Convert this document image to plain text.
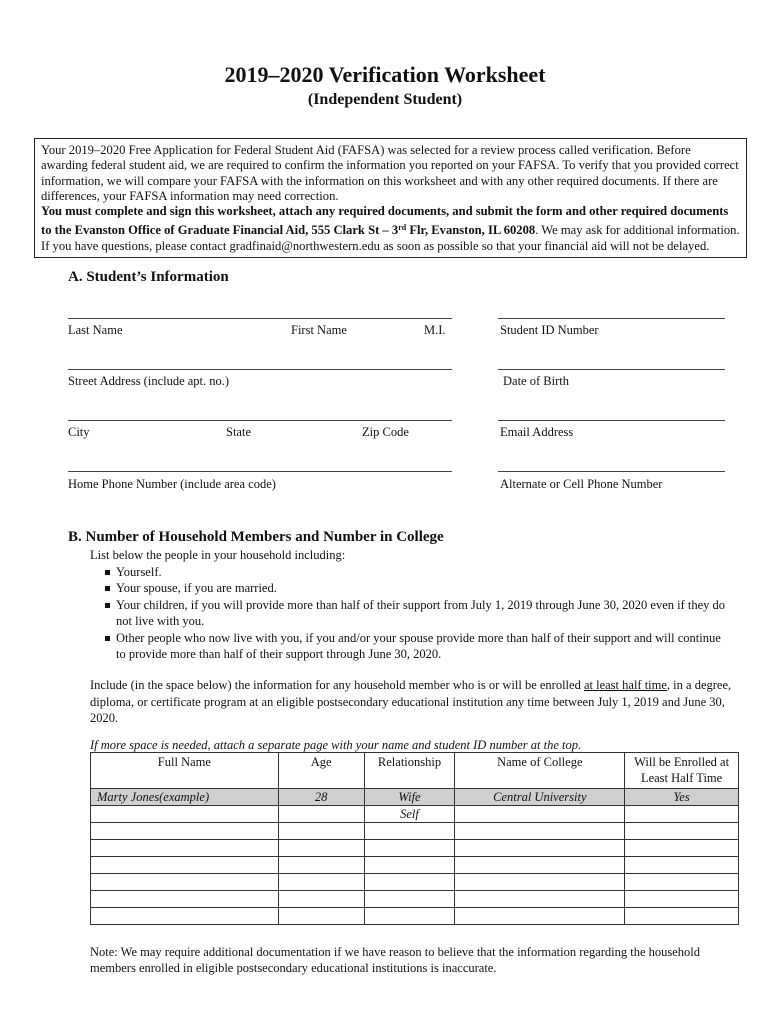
2019–2020 Verification Worksheet
(Independent Student)
Your 2019–2020 Free Application for Federal Student Aid (FAFSA) was selected for a review process called verification. Before awarding federal student aid, we are required to confirm the information you reported on your FAFSA. To verify that you provided correct information, we will compare your FAFSA with the information on this worksheet and with any other required documents. If there are differences, your FAFSA information may need correction.
You must complete and sign this worksheet, attach any required documents, and submit the form and other required documents to the Evanston Office of Graduate Financial Aid, 555 Clark St – 3rd Flr, Evanston, IL 60208. We may ask for additional information. If you have questions, please contact gradfinaid@northwestern.edu as soon as possible so that your financial aid will not be delayed.
A. Student’s Information
Last Name	First Name	M.I.	Student ID Number
Street Address (include apt. no.)	Date of Birth
City	State	Zip Code	Email Address
Home Phone Number (include area code)	Alternate or Cell Phone Number
B. Number of Household Members and Number in College
List below the people in your household including:
Yourself.
Your spouse, if you are married.
Your children, if you will provide more than half of their support from July 1, 2019 through June 30, 2020 even if they do not live with you.
Other people who now live with you, if you and/or your spouse provide more than half of their support and will continue to provide more than half of their support through June 30, 2020.
Include (in the space below) the information for any household member who is or will be enrolled at least half time, in a degree, diploma, or certificate program at an eligible postsecondary educational institution any time between July 1, 2019 and June 30, 2020.
If more space is needed, attach a separate page with your name and student ID number at the top.
Full Name	Age	Relationship	Name of College	Will be Enrolled at Least Half Time
Marty Jones(example)	28	Wife	Central University	Yes
		Self		

Note: We may require additional documentation if we have reason to believe that the information regarding the household members enrolled in eligible postsecondary educational institutions is inaccurate.
